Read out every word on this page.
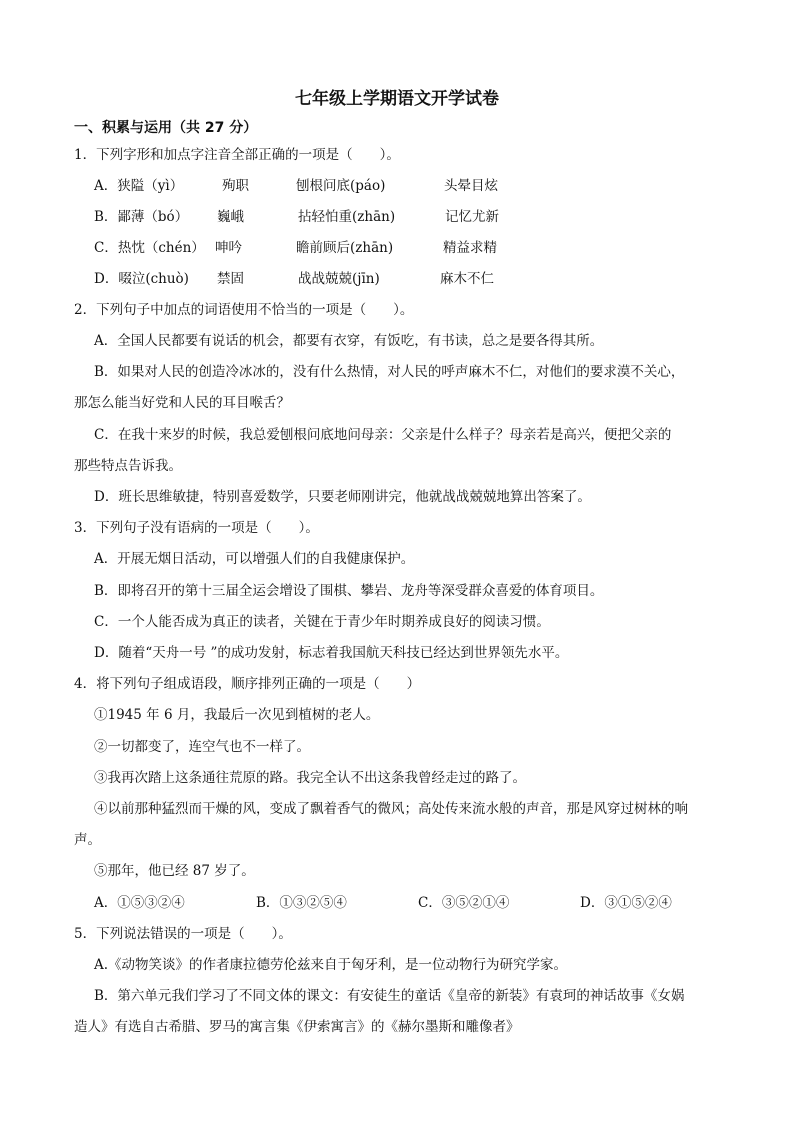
七年级上学期语文开学试卷
一、积累与运用（共 27 分）
1．下列字形和加点字注音全部正确的一项是（　　）。
A．狭隘（yì）	殉职	刨根问底(páo)	头晕目炫
B．鄙薄（bó） 巍峨	拈轻怕重(zhān)	记忆尤新
C．热忱（chén） 呻吟	瞻前顾后(zhān)	精益求精
D．啜泣(chuò) 禁固	战战兢兢(jīn)	麻木不仁
2．下列句子中加点的词语使用不恰当的一项是（　　）。
A．全国人民都要有说话的机会，都要有衣穿，有饭吃，有书读，总之是要各得其所。
B．如果对人民的创造冷冰冰的，没有什么热情，对人民的呼声麻木不仁，对他们的要求漠不关心，
那怎么能当好党和人民的耳目喉舌？
C．在我十来岁的时候，我总爱刨根问底地问母亲：父亲是什么样子？母亲若是高兴，便把父亲的
那些特点告诉我。
D．班长思维敏捷，特别喜爱数学，只要老师刚讲完，他就战战兢兢地算出答案了。
3．下列句子没有语病的一项是（　　）。
A．开展无烟日活动，可以增强人们的自我健康保护。
B．即将召开的第十三届全运会增设了围棋、攀岩、龙舟等深受群众喜爱的体育项目。
C．一个人能否成为真正的读者，关键在于青少年时期养成良好的阅读习惯。
D．随着“天舟一号 ”的成功发射，标志着我国航天科技已经达到世界领先水平。
4．将下列句子组成语段，顺序排列正确的一项是（　　）
①1945 年 6 月，我最后一次见到植树的老人。
②一切都变了，连空气也不一样了。
③我再次踏上这条通往荒原的路。我完全认不出这条我曾经走过的路了。
④以前那种猛烈而干燥的风，变成了飘着香气的微风；高处传来流水般的声音，那是风穿过树林的响
声。
⑤那年，他已经 87 岁了。
A．①⑤③②④	B．①③②⑤④	C．③⑤②①④	D．③①⑤②④
5．下列说法错误的一项是（　　）。
A.《动物笑谈》的作者康拉德劳伦兹来自于匈牙利，是一位动物行为研究学家。
B．第六单元我们学习了不同文体的课文：有安徒生的童话《皇帝的新装》有袁珂的神话故事《女娲
造人》有选自古希腊、罗马的寓言集《伊索寓言》的《赫尔墨斯和雕像者》
